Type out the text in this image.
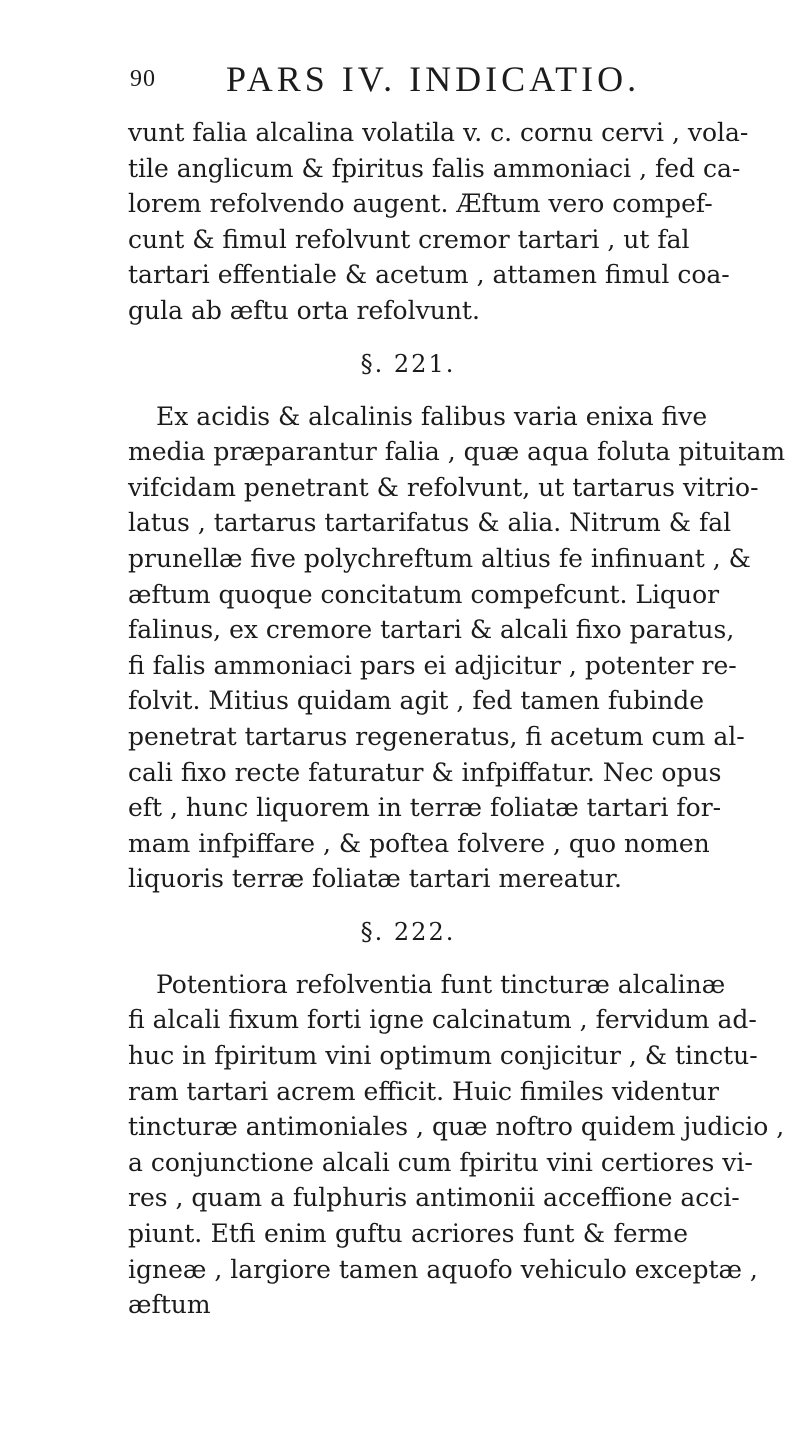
90 PARS IV. INDICATIO.

vunt falia alcalina volatila v. c. cornu cervi , vola-
tile anglicum & fpiritus falis ammoniaci , fed ca-
lorem refolvendo augent. Æftum vero compef-
cunt & fimul refolvunt cremor tartari , ut fal
tartari effentiale & acetum , attamen fimul coa-
gula ab æftu orta refolvunt.

§. 221.

Ex acidis & alcalinis falibus varia enixa five
media præparantur falia , quæ aqua foluta pituitam
vifcidam penetrant & refolvunt, ut tartarus vitrio-
latus , tartarus tartarifatus & alia. Nitrum & fal
prunellæ five polychreftum altius fe infinuant , &
æftum quoque concitatum compefcunt. Liquor
falinus, ex cremore tartari & alcali fixo paratus,
fi falis ammoniaci pars ei adjicitur , potenter re-
folvit. Mitius quidam agit , fed tamen fubinde
penetrat tartarus regeneratus, fi acetum cum al-
cali fixo recte faturatur & infpiffatur. Nec opus
eft , hunc liquorem in terræ foliatæ tartari for-
mam infpiffare , & poftea folvere , quo nomen
liquoris terræ foliatæ tartari mereatur.

§. 222.

Potentiora refolventia funt tincturæ alcalinæ
fi alcali fixum forti igne calcinatum , fervidum ad-
huc in fpiritum vini optimum conjicitur , & tinctu-
ram tartari acrem efficit. Huic fimiles videntur
tincturæ antimoniales , quæ noftro quidem judicio ,
a conjunctione alcali cum fpiritu vini certiores vi-
res , quam a fulphuris antimonii acceffione acci-
piunt. Etfi enim guftu acriores funt & ferme
igneæ , largiore tamen aquofo vehiculo exceptæ ,
æftum
